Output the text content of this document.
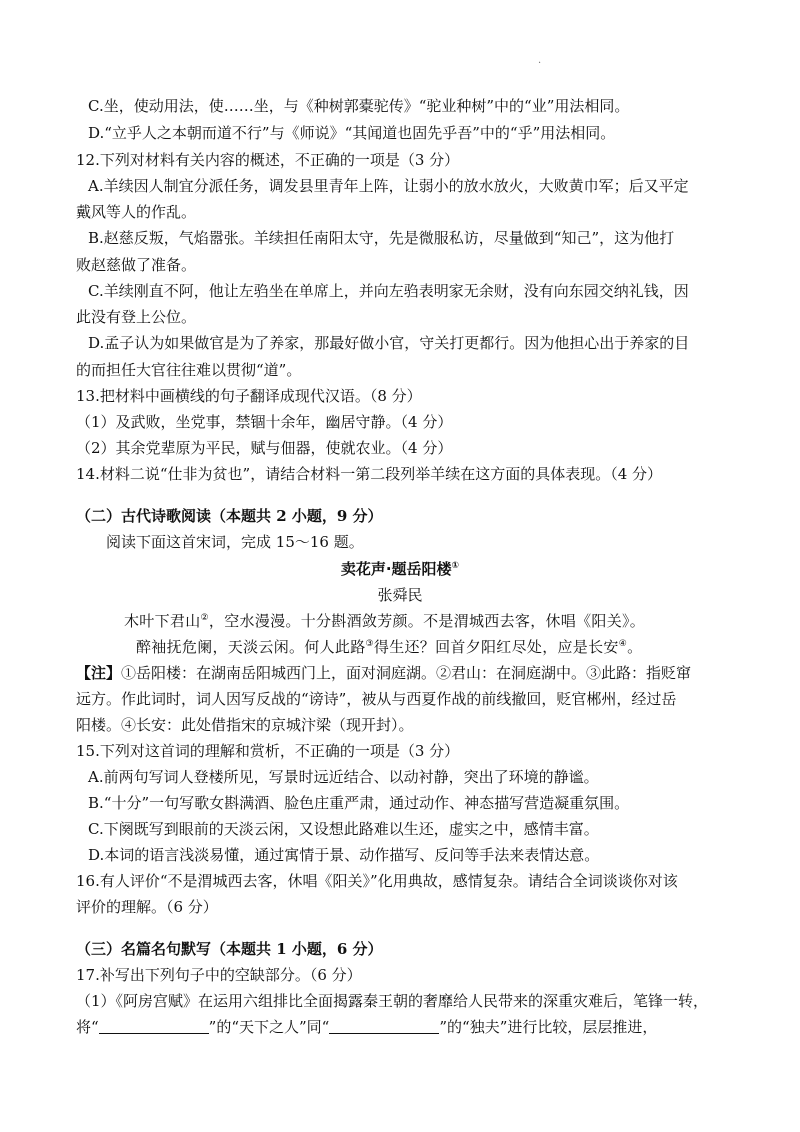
·
C.坐，使动用法，使……坐，与《种树郭橐驼传》“驼业种树”中的“业”用法相同。
D.“立乎人之本朝而道不行”与《师说》“其闻道也固先乎吾”中的“乎”用法相同。
12.下列对材料有关内容的概述，不正确的一项是（3 分）
A.羊续因人制宜分派任务，调发县里青年上阵，让弱小的放水放火，大败黄巾军；后又平定
戴风等人的作乱。
B.赵慈反叛，气焰嚣张。羊续担任南阳太守，先是微服私访，尽量做到“知己”，这为他打
败赵慈做了准备。
C.羊续刚直不阿，他让左驺坐在单席上，并向左驺表明家无余财，没有向东园交纳礼钱，因
此没有登上公位。
D.孟子认为如果做官是为了养家，那最好做小官，守关打更都行。因为他担心出于养家的目
的而担任大官往往难以贯彻“道”。
13.把材料中画横线的句子翻译成现代汉语。（8 分）
（1）及武败，坐党事，禁锢十余年，幽居守静。（4 分）
（2）其余党辈原为平民，赋与佃器，使就农业。（4 分）
14.材料二说“仕非为贫也”，请结合材料一第二段列举羊续在这方面的具体表现。（4 分）
（二）古代诗歌阅读（本题共 2 小题，9 分）
阅读下面这首宋词，完成 15～16 题。
卖花声·题岳阳楼①
张舜民
木叶下君山②，空水漫漫。十分斟酒敛芳颜。不是渭城西去客，休唱《阳关》。
醉袖抚危阑，天淡云闲。何人此路③得生还？回首夕阳红尽处，应是长安④。
【注】①岳阳楼：在湖南岳阳城西门上，面对洞庭湖。②君山：在洞庭湖中。③此路：指贬窜
远方。作此词时，词人因写反战的“谤诗”，被从与西夏作战的前线撤回，贬官郴州，经过岳
阳楼。④长安：此处借指宋的京城汴梁（现开封）。
15.下列对这首词的理解和赏析，不正确的一项是（3 分）
A.前两句写词人登楼所见，写景时远近结合、以动衬静，突出了环境的静谧。
B.“十分”一句写歌女斟满酒、脸色庄重严肃，通过动作、神态描写营造凝重氛围。
C.下阕既写到眼前的天淡云闲，又设想此路难以生还，虚实之中，感情丰富。
D.本词的语言浅淡易懂，通过寓情于景、动作描写、反问等手法来表情达意。
16.有人评价“不是渭城西去客，休唱《阳关》”化用典故，感情复杂。请结合全词谈谈你对该
评价的理解。（6 分）
（三）名篇名句默写（本题共 1 小题，6 分）
17.补写出下列句子中的空缺部分。（6 分）
（1）《阿房宫赋》在运用六组排比全面揭露秦王朝的奢靡给人民带来的深重灾难后，笔锋一转，
将“	”的“天下之人”同“	”的“独夫”进行比较，层层推进，
